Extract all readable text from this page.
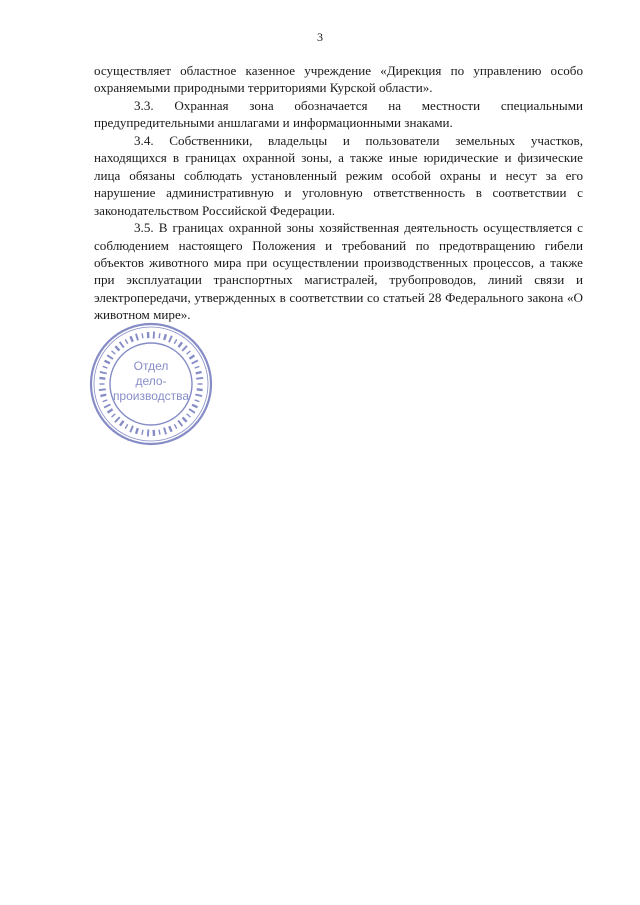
3

осуществляет областное казенное учреждение «Дирекция по управлению особо охраняемыми природными территориями Курской области».

3.3. Охранная зона обозначается на местности специальными предупредительными аншлагами и информационными знаками.

3.4. Собственники, владельцы и пользователи земельных участков, находящихся в границах охранной зоны, а также иные юридические и физические лица обязаны соблюдать установленный режим особой охраны и несут за его нарушение административную и уголовную ответственность в соответствии с законодательством Российской Федерации.

3.5. В границах охранной зоны хозяйственная деятельность осуществляется с соблюдением настоящего Положения и требований по предотвращению гибели объектов животного мира при осуществлении производственных процессов, а также при эксплуатации транспортных магистралей, трубопроводов, линий связи и электропередачи, утвержденных в соответствии со статьей 28 Федерального закона «О животном мире».

Отдел
дело-
производства
